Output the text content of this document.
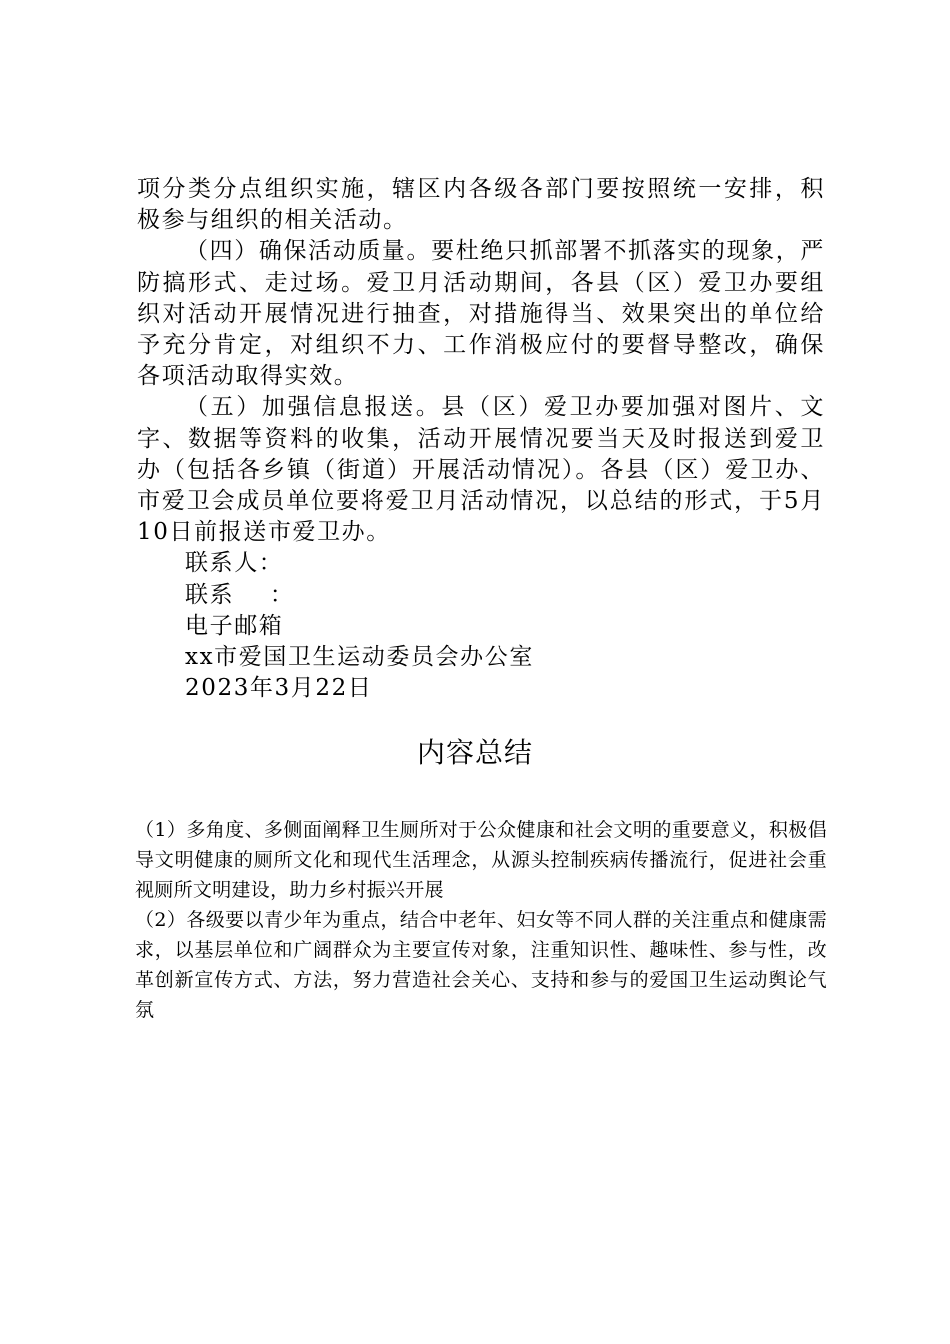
项分类分点组织实施，辖区内各级各部门要按照统一安排，积极参与组织的相关活动。

（四）确保活动质量。要杜绝只抓部署不抓落实的现象，严防搞形式、走过场。爱卫月活动期间，各县（区）爱卫办要组织对活动开展情况进行抽查，对措施得当、效果突出的单位给予充分肯定，对组织不力、工作消极应付的要督导整改，确保各项活动取得实效。

（五）加强信息报送。县（区）爱卫办要加强对图片、文字、数据等资料的收集，活动开展情况要当天及时报送到爱卫办（包括各乡镇（街道）开展活动情况）。各县（区）爱卫办、市爱卫会成员单位要将爱卫月活动情况，以总结的形式，于5月10日前报送市爱卫办。

联系人：

联系    ：

电子邮箱

xx市爱国卫生运动委员会办公室

2023年3月22日

内容总结

（1）多角度、多侧面阐释卫生厕所对于公众健康和社会文明的重要意义，积极倡导文明健康的厕所文化和现代生活理念，从源头控制疾病传播流行，促进社会重视厕所文明建设，助力乡村振兴开展

（2）各级要以青少年为重点，结合中老年、妇女等不同人群的关注重点和健康需求，以基层单位和广阔群众为主要宣传对象，注重知识性、趣味性、参与性，改革创新宣传方式、方法，努力营造社会关心、支持和参与的爱国卫生运动舆论气氛
